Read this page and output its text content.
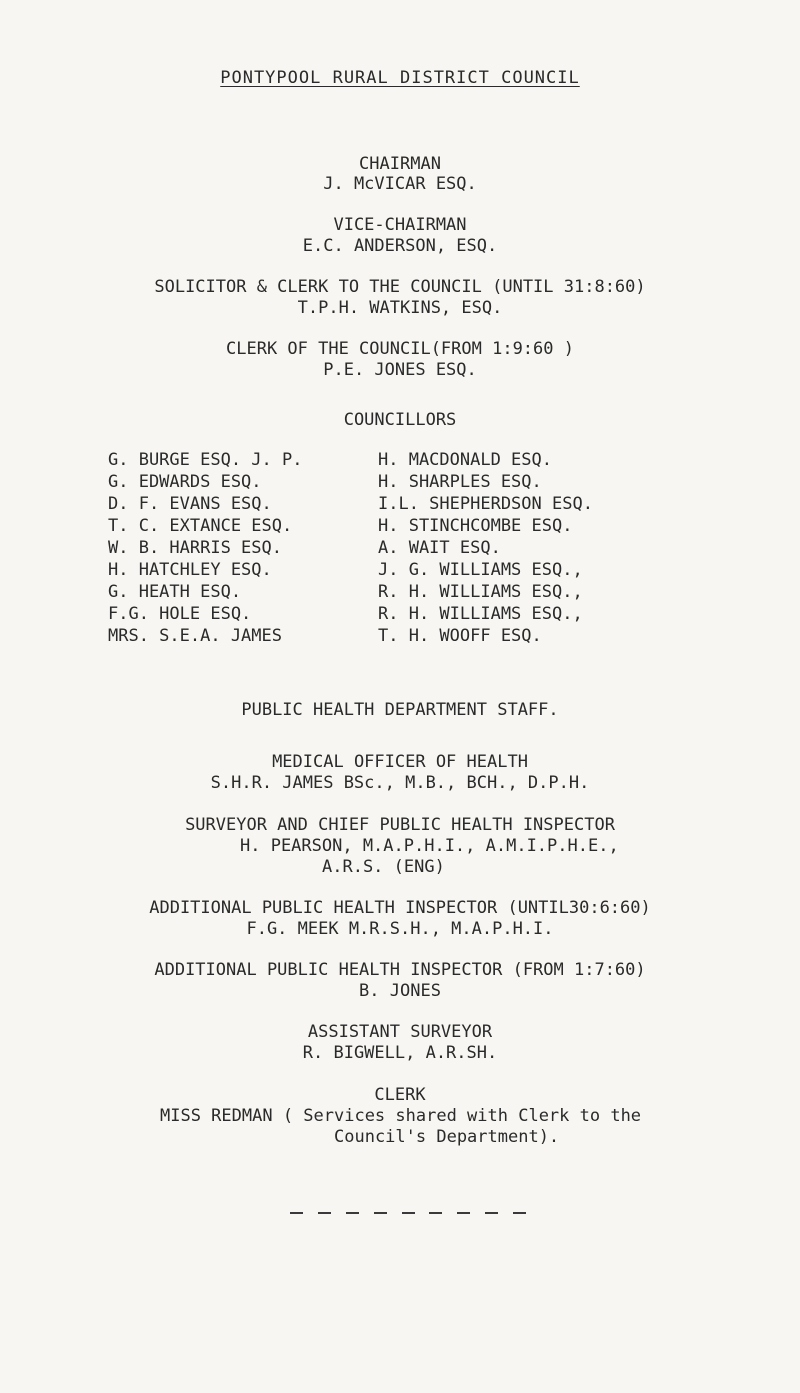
PONTYPOOL RURAL DISTRICT COUNCIL
CHAIRMAN
J. McVICAR ESQ.
VICE-CHAIRMAN
E.C. ANDERSON, ESQ.
SOLICITOR & CLERK TO THE COUNCIL (UNTIL 31:8:60)
T.P.H. WATKINS, ESQ.
CLERK OF THE COUNCIL(FROM 1:9:60 )
P.E. JONES ESQ.
COUNCILLORS
G. BURGE ESQ. J. P.	H. MACDONALD ESQ.
G. EDWARDS ESQ.	H. SHARPLES ESQ.
D. F. EVANS ESQ.	I.L. SHEPHERDSON ESQ.
T. C. EXTANCE ESQ.	H. STINCHCOMBE ESQ.
W. B. HARRIS ESQ.	A. WAIT ESQ.
H. HATCHLEY ESQ.	J. G. WILLIAMS ESQ.,
G. HEATH ESQ.	R. H. WILLIAMS ESQ.,
F.G. HOLE ESQ.	R. H. WILLIAMS ESQ.,
MRS. S.E.A. JAMES	T. H. WOOFF ESQ.
PUBLIC HEALTH DEPARTMENT STAFF.
MEDICAL OFFICER OF HEALTH
S.H.R. JAMES BSc., M.B., BCH., D.P.H.
SURVEYOR AND CHIEF PUBLIC HEALTH INSPECTOR
H. PEARSON, M.A.P.H.I., A.M.I.P.H.E.,
A.R.S. (ENG)
ADDITIONAL PUBLIC HEALTH INSPECTOR (UNTIL30:6:60)
F.G. MEEK M.R.S.H., M.A.P.H.I.
ADDITIONAL PUBLIC HEALTH INSPECTOR (FROM 1:7:60)
B. JONES
ASSISTANT SURVEYOR
R. BIGWELL, A.R.SH.
CLERK
MISS REDMAN ( Services shared with Clerk to the
Council's Department).
